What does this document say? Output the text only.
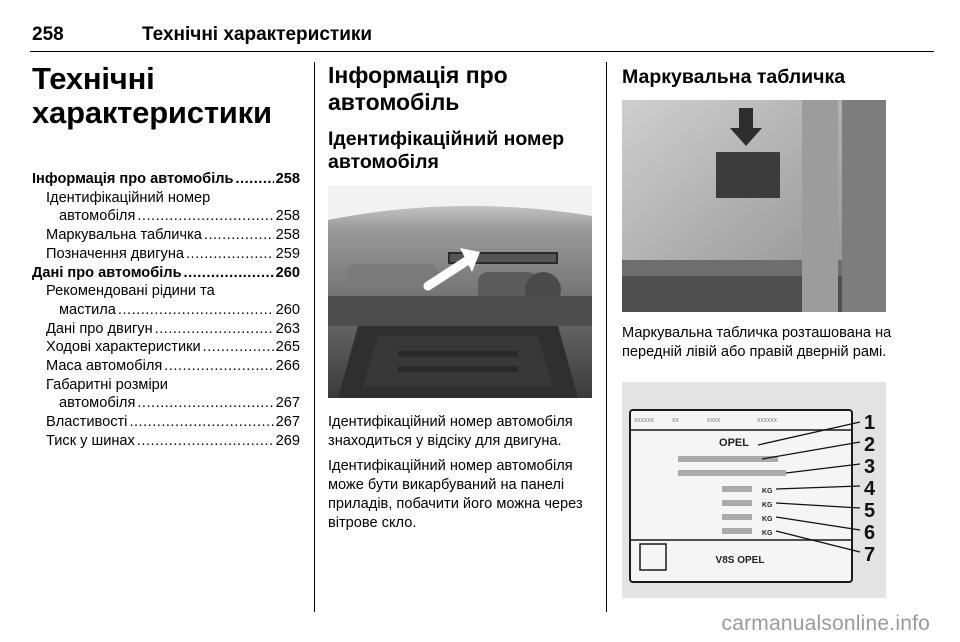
258	Технічні характеристики
Технічні характеристики
Інформація про автомобіль .....	258
Ідентифікаційний номер
автомобіля .....	258
Маркувальна табличка .....	258
Позначення двигуна .....	259
Дані про автомобіль .....	260
Рекомендовані рідини та
мастила .....	260
Дані про двигун .....	263
Ходові характеристики .....	265
Маса автомобіля .....	266
Габаритні розміри
автомобіля .....	267
Властивості .....	267
Тиск у шинах .....	269
Інформація про автомобіль
Ідентифікаційний номер автомобіля

Ідентифікаційний номер автомобіля знаходиться у відсіку для двигуна.

Ідентифікаційний номер автомобіля може бути викарбуваний на панелі приладів, побачити його можна через вітрове скло.

Маркувальна табличка
Маркувальна табличка розташована на передній лівій або правій дверній рамі.
XXXXXX	XX	XXXX	XXXXXX
OPEL
KG
KG
KG
KG
V8S OPEL
1
2
3
4
5
6
7
carmanualsonline.info
